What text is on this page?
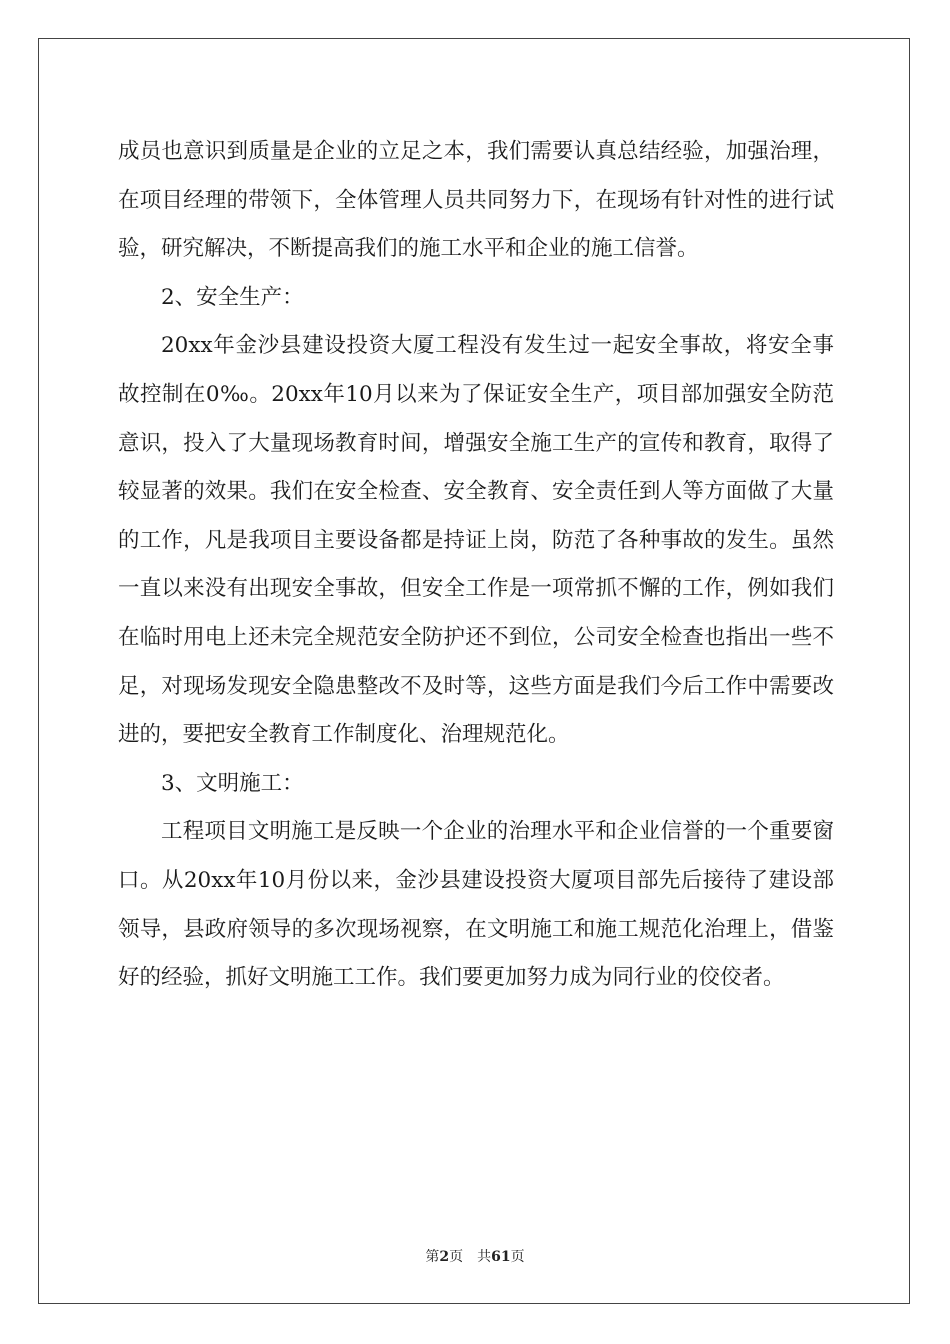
成员也意识到质量是企业的立足之本，我们需要认真总结经验，加强治理，在项目经理的带领下，全体管理人员共同努力下，在现场有针对性的进行试验，研究解决，不断提高我们的施工水平和企业的施工信誉。

2、安全生产：

20xx年金沙县建设投资大厦工程没有发生过一起安全事故，将安全事故控制在0‰。20xx年10月以来为了保证安全生产，项目部加强安全防范意识，投入了大量现场教育时间，增强安全施工生产的宣传和教育，取得了较显著的效果。我们在安全检查、安全教育、安全责任到人等方面做了大量的工作，凡是我项目主要设备都是持证上岗，防范了各种事故的发生。虽然一直以来没有出现安全事故，但安全工作是一项常抓不懈的工作，例如我们在临时用电上还未完全规范安全防护还不到位，公司安全检查也指出一些不足，对现场发现安全隐患整改不及时等，这些方面是我们今后工作中需要改进的，要把安全教育工作制度化、治理规范化。

3、文明施工：

工程项目文明施工是反映一个企业的治理水平和企业信誉的一个重要窗口。从20xx年10月份以来，金沙县建设投资大厦项目部先后接待了建设部领导，县政府领导的多次现场视察，在文明施工和施工规范化治理上，借鉴好的经验，抓好文明施工工作。我们要更加努力成为同行业的佼佼者。

第2页 共61页
